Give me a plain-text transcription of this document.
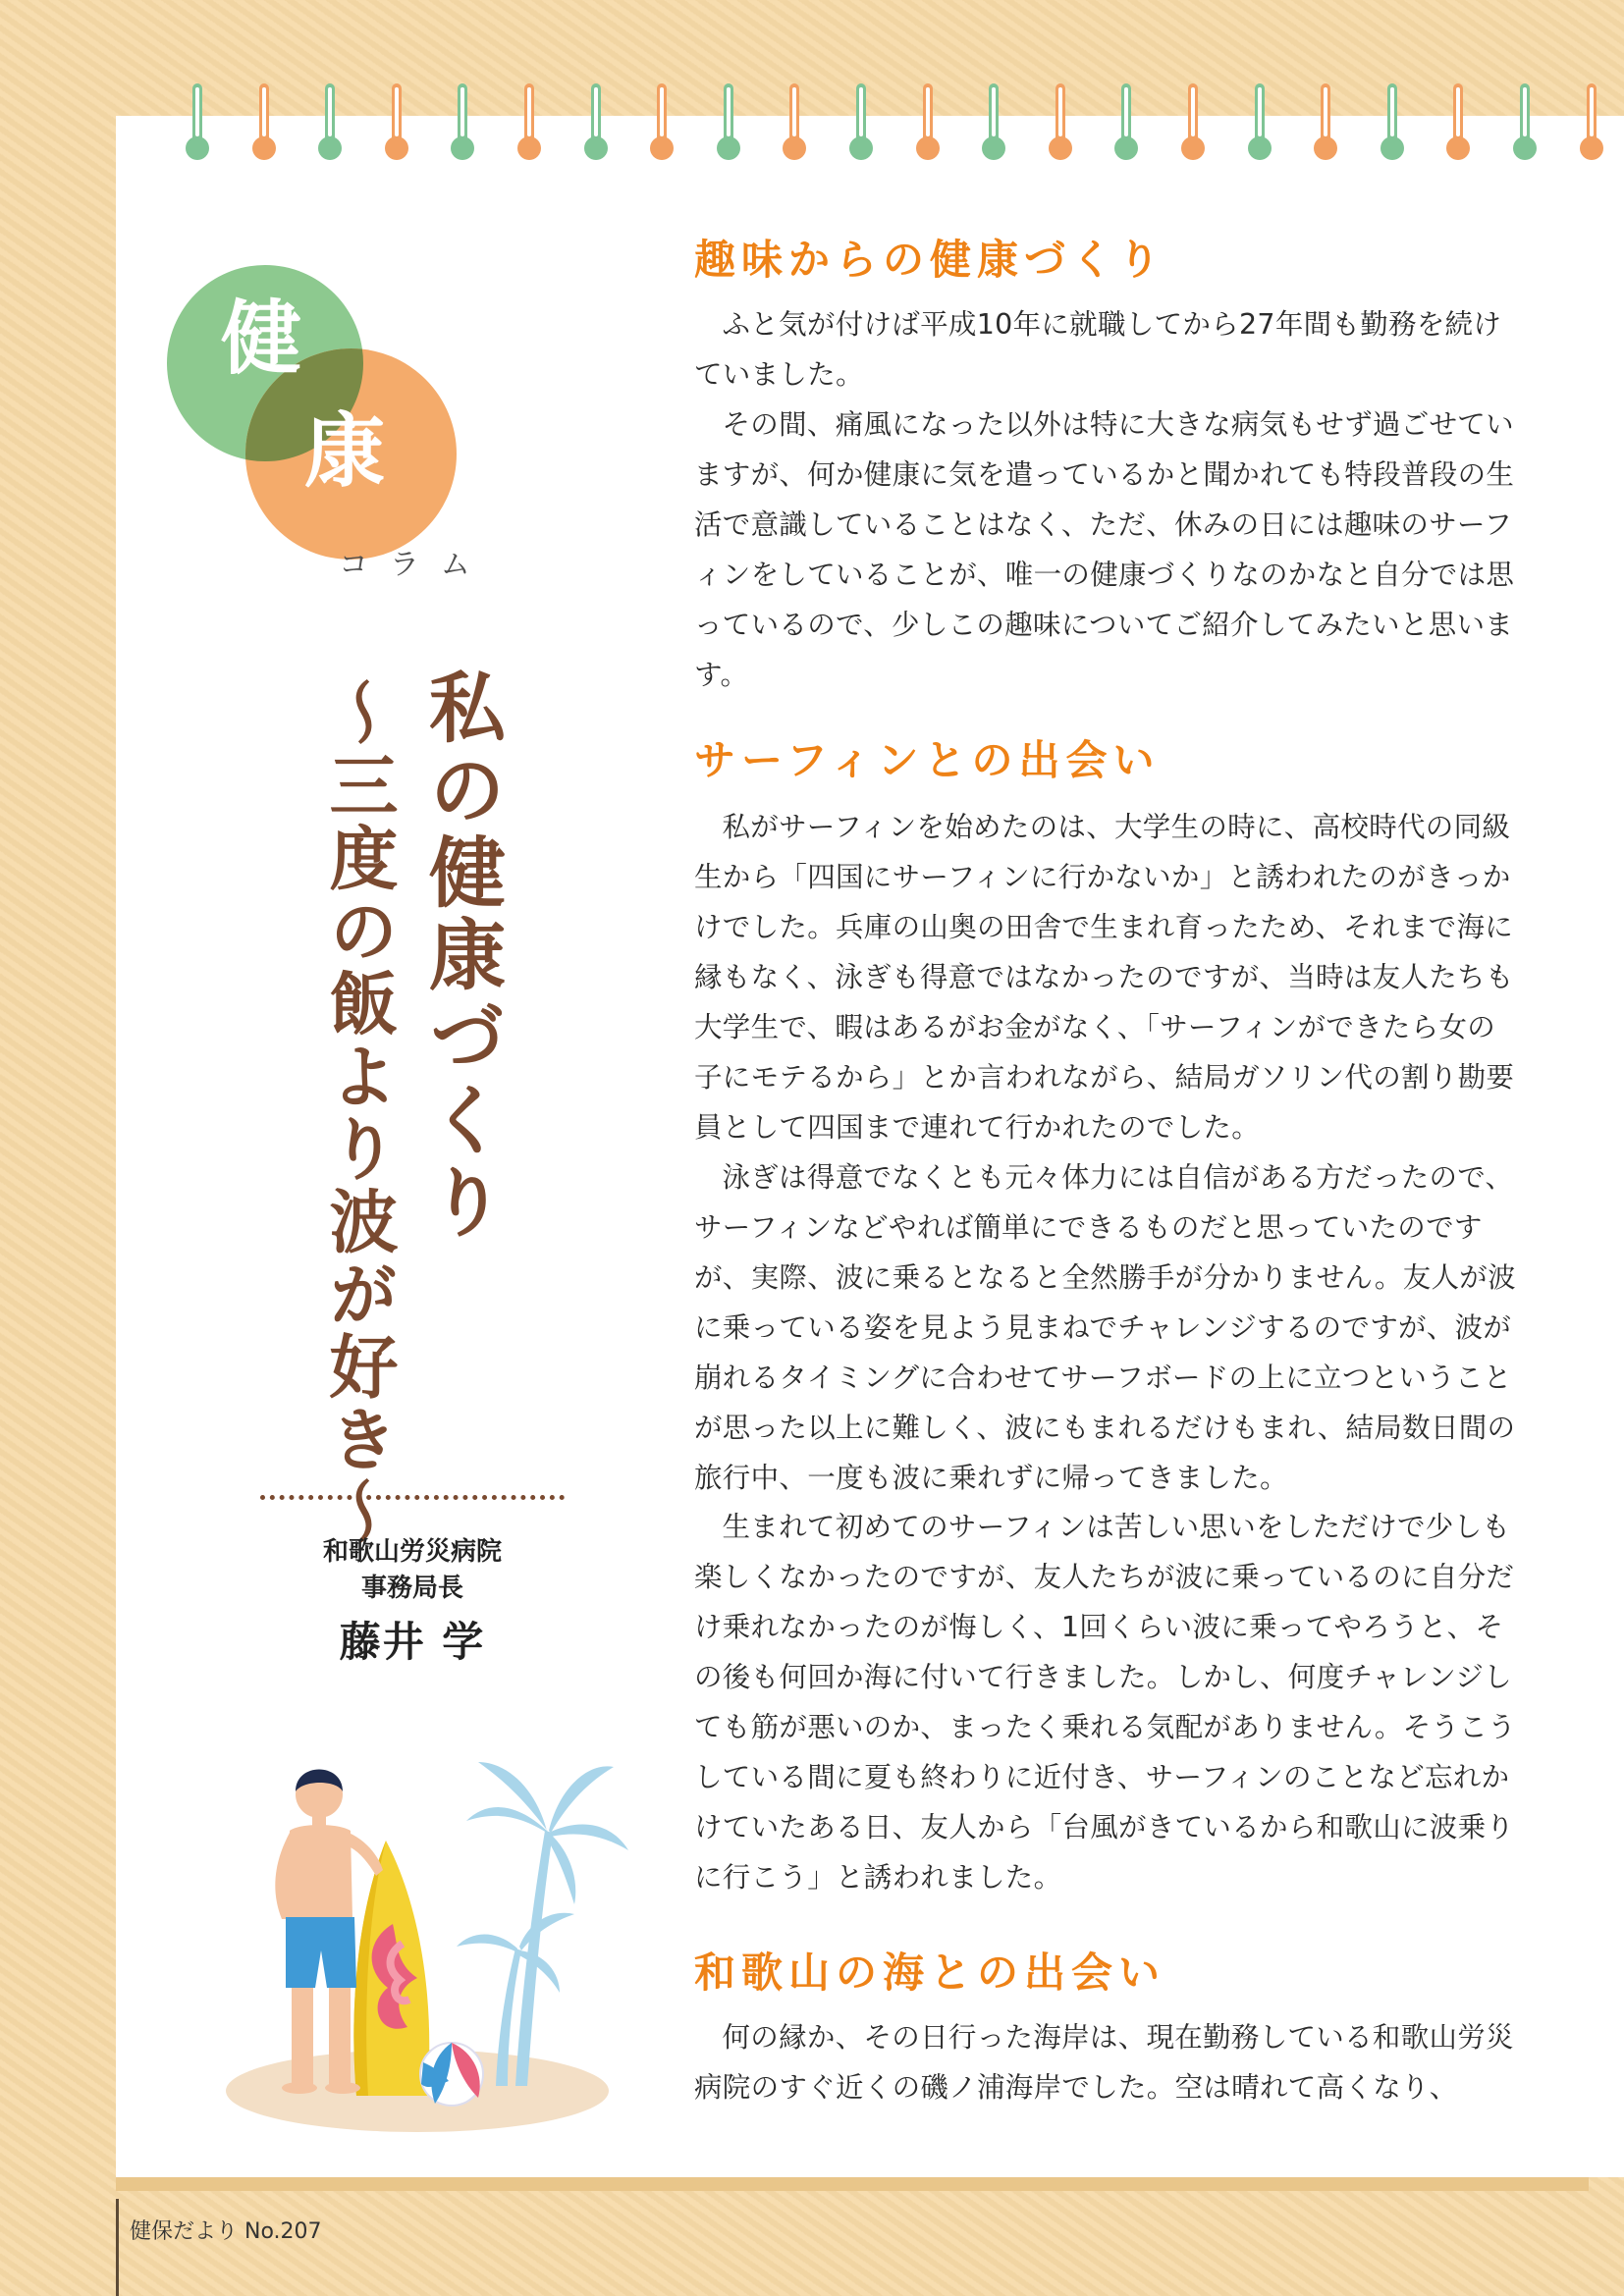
健
康
コラム
私の健康づくり
〜三度の飯より波が好き〜
和歌山労災病院
事務局長
藤井 学
趣味からの健康づくり

ふと気が付けば平成10年に就職してから27年間も勤務を続けていました。

その間、痛風になった以外は特に大きな病気もせず過ごせていますが、何か健康に気を遣っているかと聞かれても特段普段の生活で意識していることはなく、ただ、休みの日には趣味のサーフィンをしていることが、唯一の健康づくりなのかなと自分では思っているので、少しこの趣味についてご紹介してみたいと思います。

サーフィンとの出会い

私がサーフィンを始めたのは、大学生の時に、高校時代の同級生から「四国にサーフィンに行かないか」と誘われたのがきっかけでした。兵庫の山奥の田舎で生まれ育ったため、それまで海に縁もなく、泳ぎも得意ではなかったのですが、当時は友人たちも大学生で、暇はあるがお金がなく、「サーフィンができたら女の子にモテるから」とか言われながら、結局ガソリン代の割り勘要員として四国まで連れて行かれたのでした。

泳ぎは得意でなくとも元々体力には自信がある方だったので、サーフィンなどやれば簡単にできるものだと思っていたのですが、実際、波に乗るとなると全然勝手が分かりません。友人が波に乗っている姿を見よう見まねでチャレンジするのですが、波が崩れるタイミングに合わせてサーフボードの上に立つということが思った以上に難しく、波にもまれるだけもまれ、結局数日間の旅行中、一度も波に乗れずに帰ってきました。

生まれて初めてのサーフィンは苦しい思いをしただけで少しも楽しくなかったのですが、友人たちが波に乗っているのに自分だけ乗れなかったのが悔しく、1回くらい波に乗ってやろうと、その後も何回か海に付いて行きました。しかし、何度チャレンジしても筋が悪いのか、まったく乗れる気配がありません。そうこうしている間に夏も終わりに近付き、サーフィンのことなど忘れかけていたある日、友人から「台風がきているから和歌山に波乗りに行こう」と誘われました。

和歌山の海との出会い

何の縁か、その日行った海岸は、現在勤務している和歌山労災病院のすぐ近くの磯ノ浦海岸でした。空は晴れて高くなり、

健保だより No.207
